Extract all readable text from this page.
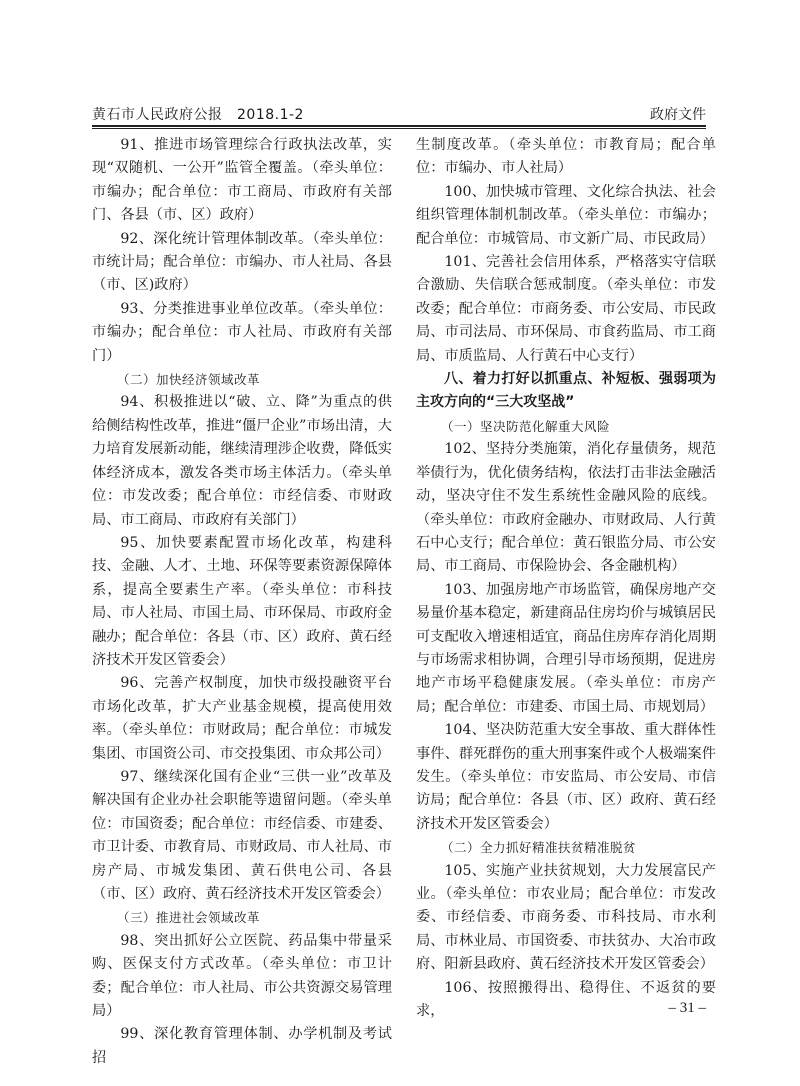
黄石市人民政府公报　2018.1-2	政府文件

91、推进市场管理综合行政执法改革，实现“双随机、一公开”监管全覆盖。（牵头单位：市编办；配合单位：市工商局、市政府有关部门、各县（市、区）政府）

92、深化统计管理体制改革。（牵头单位：市统计局；配合单位：市编办、市人社局、各县（市、区)政府）

93、分类推进事业单位改革。（牵头单位：市编办；配合单位：市人社局、市政府有关部门）

（二）加快经济领域改革

94、积极推进以“破、立、降”为重点的供给侧结构性改革，推进“僵尸企业”市场出清，大力培育发展新动能，继续清理涉企收费，降低实体经济成本，激发各类市场主体活力。（牵头单位：市发改委；配合单位：市经信委、市财政局、市工商局、市政府有关部门）

95、加快要素配置市场化改革，构建科技、金融、人才、土地、环保等要素资源保障体系，提高全要素生产率。（牵头单位：市科技局、市人社局、市国土局、市环保局、市政府金融办；配合单位：各县（市、区）政府、黄石经济技术开发区管委会）

96、完善产权制度，加快市级投融资平台市场化改革，扩大产业基金规模，提高使用效率。（牵头单位：市财政局；配合单位：市城发集团、市国资公司、市交投集团、市众邦公司）

97、继续深化国有企业“三供一业”改革及解决国有企业办社会职能等遗留问题。（牵头单位：市国资委；配合单位：市经信委、市建委、市卫计委、市教育局、市财政局、市人社局、市房产局、市城发集团、黄石供电公司、各县（市、区）政府、黄石经济技术开发区管委会）

（三）推进社会领域改革

98、突出抓好公立医院、药品集中带量采购、医保支付方式改革。（牵头单位：市卫计委；配合单位：市人社局、市公共资源交易管理局）

99、深化教育管理体制、办学机制及考试招

生制度改革。（牵头单位：市教育局；配合单位：市编办、市人社局）

100、加快城市管理、文化综合执法、社会组织管理体制机制改革。（牵头单位：市编办；配合单位：市城管局、市文新广局、市民政局）

101、完善社会信用体系，严格落实守信联合激励、失信联合惩戒制度。（牵头单位：市发改委；配合单位：市商务委、市公安局、市民政局、市司法局、市环保局、市食药监局、市工商局、市质监局、人行黄石中心支行）

八、着力打好以抓重点、补短板、强弱项为主攻方向的“三大攻坚战”

（一）坚决防范化解重大风险

102、坚持分类施策，消化存量债务，规范举债行为，优化债务结构，依法打击非法金融活动，坚决守住不发生系统性金融风险的底线。（牵头单位：市政府金融办、市财政局、人行黄石中心支行；配合单位：黄石银监分局、市公安局、市工商局、市保险协会、各金融机构）

103、加强房地产市场监管，确保房地产交易量价基本稳定，新建商品住房均价与城镇居民可支配收入增速相适宜，商品住房库存消化周期与市场需求相协调，合理引导市场预期，促进房地产市场平稳健康发展。（牵头单位：市房产局；配合单位：市建委、市国土局、市规划局）

104、坚决防范重大安全事故、重大群体性事件、群死群伤的重大刑事案件或个人极端案件发生。（牵头单位：市安监局、市公安局、市信访局；配合单位：各县（市、区）政府、黄石经济技术开发区管委会）

（二）全力抓好精准扶贫精准脱贫

105、实施产业扶贫规划，大力发展富民产业。（牵头单位：市农业局；配合单位：市发改委、市经信委、市商务委、市科技局、市水利局、市林业局、市国资委、市扶贫办、大冶市政府、阳新县政府、黄石经济技术开发区管委会）

106、按照搬得出、稳得住、不返贫的要求，	– 31 –
